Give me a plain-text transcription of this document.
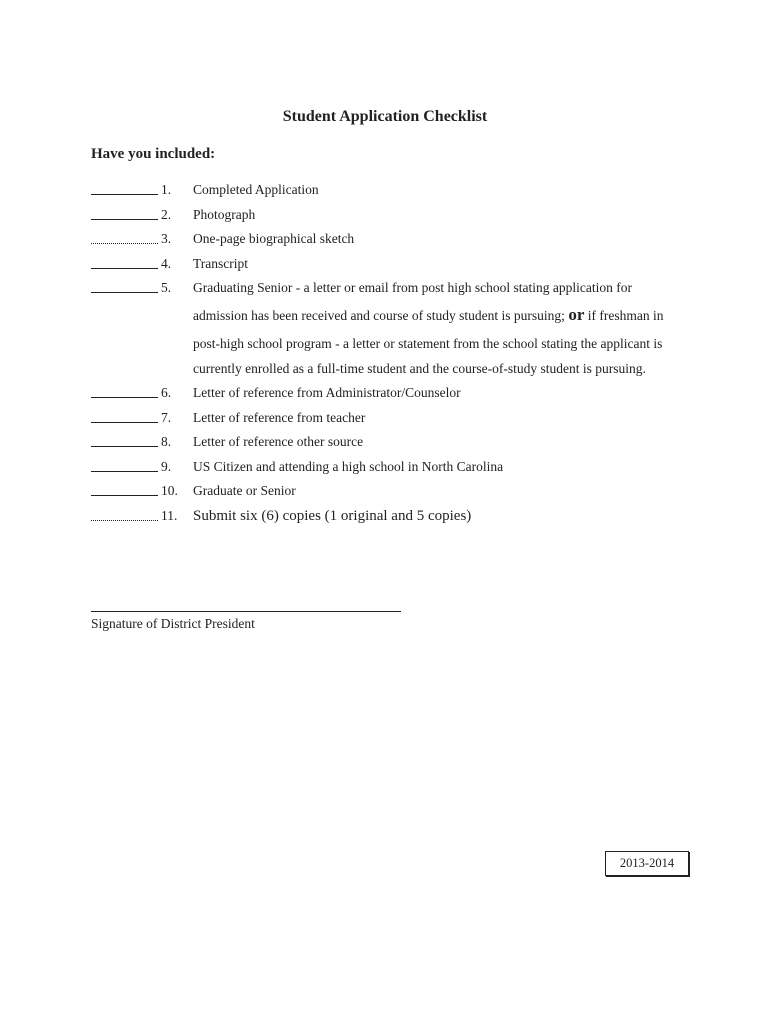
Student Application Checklist
Have you included:
1. Completed Application
2. Photograph
3. One-page biographical sketch
4. Transcript
5. Graduating Senior - a letter or email from post high school stating application for
admission has been received and course of study student is pursuing; or if freshman in
post-high school program - a letter or statement from the school stating the applicant is
currently enrolled as a full-time student and the course-of-study student is pursuing.
6. Letter of reference from Administrator/Counselor
7. Letter of reference from teacher
8. Letter of reference other source
9. US Citizen and attending a high school in North Carolina
10. Graduate or Senior
11. Submit six (6) copies (1 original and 5 copies)
Signature of District President
2013-2014
